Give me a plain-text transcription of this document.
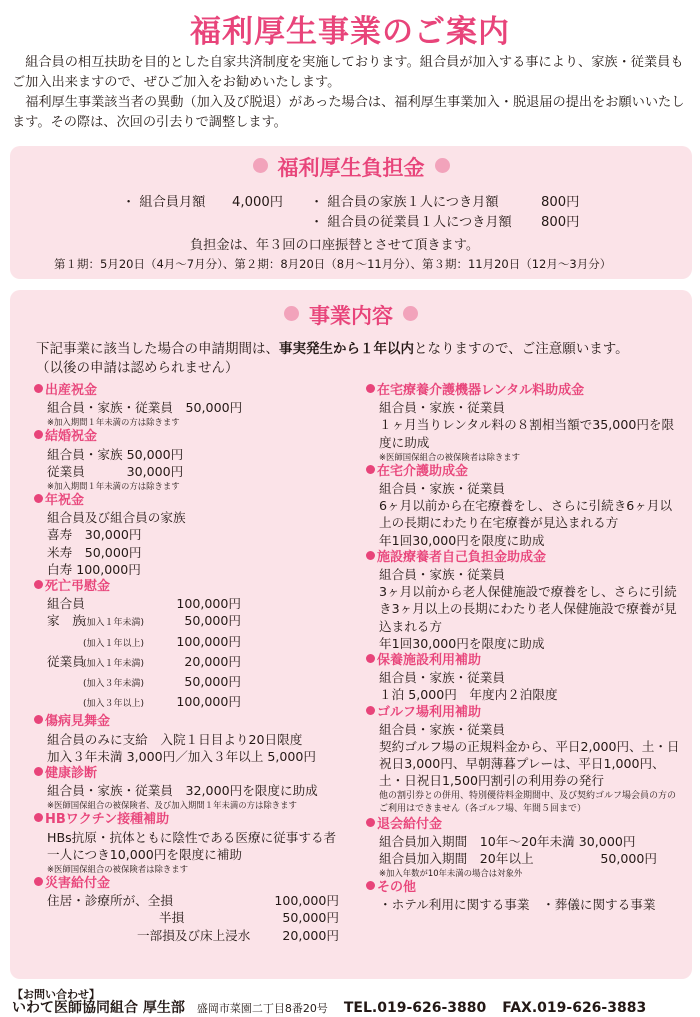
福利厚生事業のご案内

組合員の相互扶助を目的とした自家共済制度を実施しております。組合員が加入する事により、家族・従業員もご加入出来ますので、ぜひご加入をお勧めいたします。

福利厚生事業該当者の異動（加入及び脱退）があった場合は、福利厚生事業加入・脱退届の提出をお願いいたします。その際は、次回の引去りで調整します。

福利厚生負担金
・ 組合員月額 4,000円 ・ 組合員の家族１人につき月額	800円
・ 組合員の従業員１人につき月額 800円
負担金は、年３回の口座振替とさせて頂きます。
第１期：5月20日（4月〜7月分）、第２期：8月20日（8月〜11月分）、第３期：11月20日（12月〜3月分）
事業内容
下記事業に該当した場合の申請期間は、事実発生から１年以内となりますので、ご注意願います。
（以後の申請は認められません）
出産祝金
組合員・家族・従業員　50,000円
※加入期間１年未満の方は除きます
結婚祝金
組合員・家族 50,000円
従業員　　　 30,000円
※加入期間１年未満の方は除きます
年祝金
組合員及び組合員の家族
喜寿　30,000円
米寿　50,000円
白寿 100,000円
死亡弔慰金
組合員	100,000円
家　族(加入１年未満)	50,000円
(加入１年以上)	100,000円
従業員(加入１年未満)	20,000円
(加入３年未満)	50,000円
(加入３年以上)	100,000円
傷病見舞金
組合員のみに支給　入院１日目より20日限度
加入３年未満 3,000円／加入３年以上 5,000円
健康診断
組合員・家族・従業員　32,000円を限度に助成
※医師国保組合の被保険者、及び加入期間１年未満の方は除きます
HBワクチン接種補助
HBs抗原・抗体ともに陰性である医療に従事する者一人につき10,000円を限度に補助
※医師国保組合の被保険者は除きます
災害給付金
住居・診療所が、全損	100,000円
半損	50,000円
一部損及び床上浸水	20,000円
在宅療養介護機器レンタル料助成金
組合員・家族・従業員
１ヶ月当りレンタル料の８割相当額で35,000円を限度に助成
※医師国保組合の被保険者は除きます
在宅介護助成金
組合員・家族・従業員
6ヶ月以前から在宅療養をし、さらに引続き6ヶ月以上の長期にわたり在宅療養が見込まれる方
年1回30,000円を限度に助成
施設療養者自己負担金助成金
組合員・家族・従業員
3ヶ月以前から老人保健施設で療養をし、さらに引続き3ヶ月以上の長期にわたり老人保健施設で療養が見込まれる方
年1回30,000円を限度に助成
保養施設利用補助
組合員・家族・従業員
１泊 5,000円　年度内２泊限度
ゴルフ場利用補助
組合員・家族・従業員
契約ゴルフ場の正規料金から、平日2,000円、土・日祝日3,000円、早朝薄暮プレーは、平日1,000円、土・日祝日1,500円割引の利用券の発行
他の割引券との併用、特別優待料金期間中、及び契約ゴルフ場会員の方のご利用はできません（各ゴルフ場、年間５回まで）
退会給付金
組合員加入期間　10年〜20年未満 30,000円
組合員加入期間　20年以上	50,000円
※加入年数が10年未満の場合は対象外
その他
・ホテル利用に関する事業　・葬儀に関する事業
【お問い合わせ】
いわて医師協同組合 厚生部 盛岡市菜園二丁目8番20号 TEL.019-626-3880 FAX.019-626-3883
